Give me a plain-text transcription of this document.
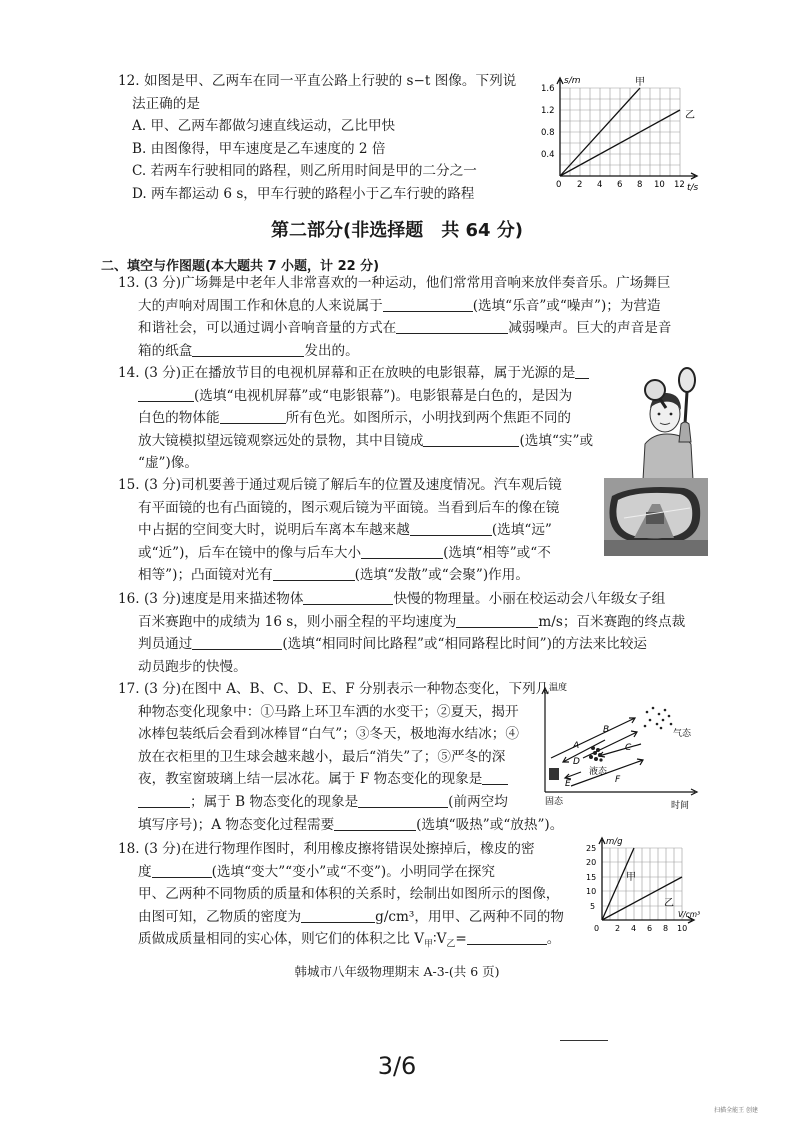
12. 如图是甲、乙两车在同一平直公路上行驶的 s−t 图像。下列说

法正确的是

A. 甲、乙两车都做匀速直线运动，乙比甲快

B. 由图像得，甲车速度是乙车速度的 2 倍

C. 若两车行驶相同的路程，则乙所用时间是甲的二分之一

D. 两车都运动 6 s，甲车行驶的路程小于乙车行驶的路程

s/m
t/s
甲
乙
1.6
1.2
0.8
0.4
0 2 4 6 8 10 12
第二部分(非选择题　共 64 分)
二、填空与作图题(本大题共 7 小题，计 22 分)

13. (3 分)广场舞是中老年人非常喜欢的一种运动，他们常常用音响来放伴奏音乐。广场舞巨

大的声响对周围工作和休息的人来说属于	(选填“乐音”或“噪声”)；为营造

和谐社会，可以通过调小音响音量的方式在	减弱噪声。巨大的声音是音

箱的纸盒	发出的。

14. (3 分)正在播放节目的电视机屏幕和正在放映的电影银幕，属于光源的是

(选填“电视机屏幕”或“电影银幕”)。电影银幕是白色的，是因为

白色的物体能	所有色光。如图所示，小明找到两个焦距不同的

放大镜模拟望远镜观察远处的景物，其中目镜成	(选填“实”或

“虚”)像。

15. (3 分)司机要善于通过观后镜了解后车的位置及速度情况。汽车观后镜

有平面镜的也有凸面镜的，图示观后镜为平面镜。当看到后车的像在镜

中占据的空间变大时，说明后车离本车越来越	(选填“远”

或“近”)，后车在镜中的像与后车大小	(选填“相等”或“不

相等”)；凸面镜对光有	(选填“发散”或“会聚”)作用。

16. (3 分)速度是用来描述物体	快慢的物理量。小丽在校运动会八年级女子组

百米赛跑中的成绩为 16 s，则小丽全程的平均速度为	m/s；百米赛跑的终点裁

判员通过	(选填“相同时间比路程”或“相同路程比时间”)的方法来比较运

动员跑步的快慢。

17. (3 分)在图中 A、B、C、D、E、F 分别表示一种物态变化，下列几

种物态变化现象中：①马路上环卫车洒的水变干；②夏天，揭开

冰棒包装纸后会看到冰棒冒“白气”；③冬天，极地海水结冰；④

放在衣柜里的卫生球会越来越小，最后“消失”了；⑤严冬的深

夜，教室窗玻璃上结一层冰花。属于 F 物态变化的现象是

；属于 B 物态变化的现象是	(前两空均

填写序号)；A 物态变化过程需要	(选填“吸热”或“放热”)。

温度
时间
气态
液态
固态
A
B
C
D
E	F

18. (3 分)在进行物理作图时，利用橡皮擦将错误处擦掉后，橡皮的密

度	(选填“变大”“变小”或“不变”)。小明同学在探究

甲、乙两种不同物质的质量和体积的关系时，绘制出如图所示的图像，

由图可知，乙物质的密度为	g/cm³，用甲、乙两种不同的物

质做成质量相同的实心体，则它们的体积之比 $V_甲∶V_乙=$	。

m/g
V/cm³
甲
乙
25
20
15
10
5
0 2 4 6 8 10
韩城市八年级物理期末 A-3-(共 6 页)
3/6
扫描全能王 创建
